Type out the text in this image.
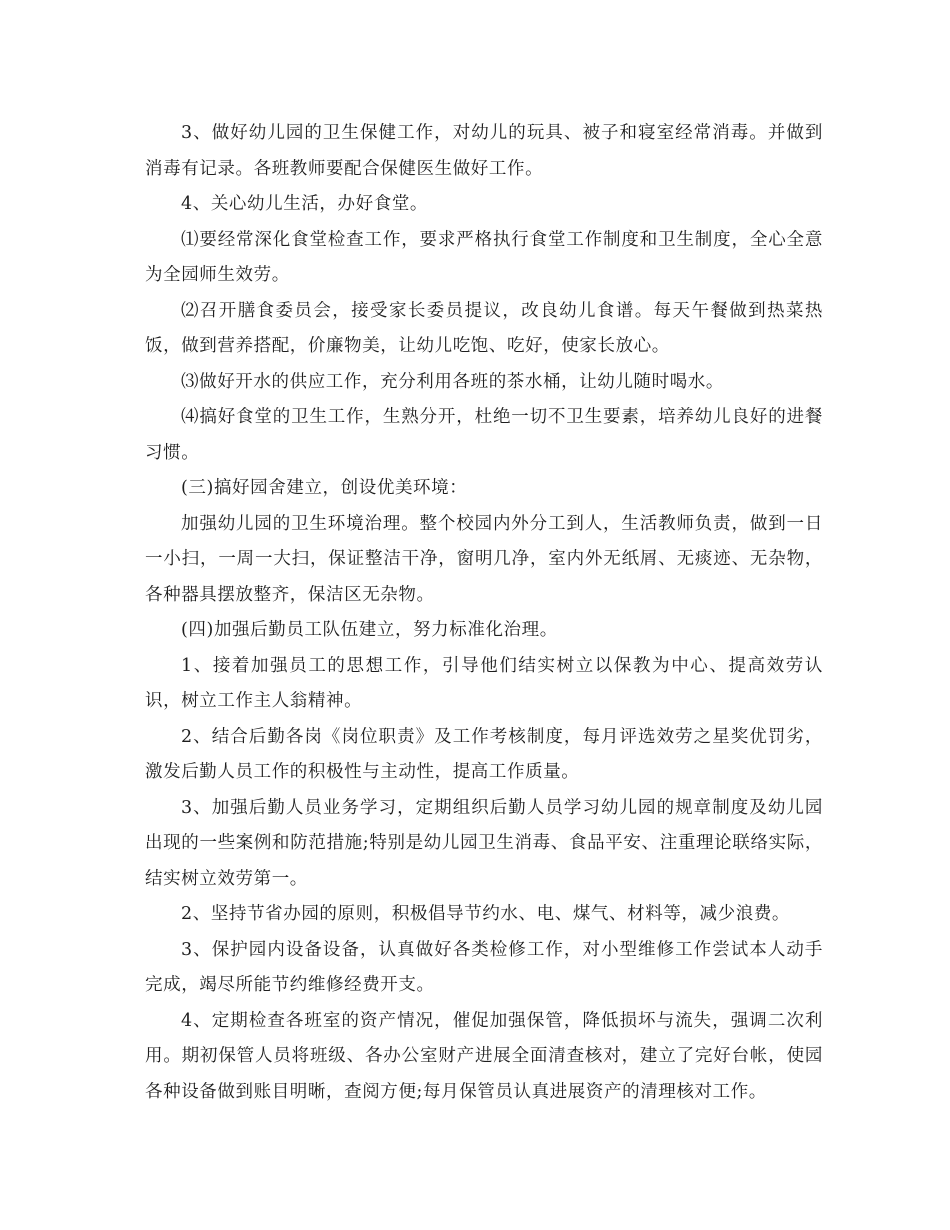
3、做好幼儿园的卫生保健工作，对幼儿的玩具、被子和寝室经常消毒。并做到消毒有记录。各班教师要配合保健医生做好工作。

4、关心幼儿生活，办好食堂。

⑴要经常深化食堂检查工作，要求严格执行食堂工作制度和卫生制度，全心全意为全园师生效劳。

⑵召开膳食委员会，接受家长委员提议，改良幼儿食谱。每天午餐做到热菜热饭，做到营养搭配，价廉物美，让幼儿吃饱、吃好，使家长放心。

⑶做好开水的供应工作，充分利用各班的茶水桶，让幼儿随时喝水。

⑷搞好食堂的卫生工作，生熟分开，杜绝一切不卫生要素，培养幼儿良好的进餐习惯。

(三)搞好园舍建立，创设优美环境：

加强幼儿园的卫生环境治理。整个校园内外分工到人，生活教师负责，做到一日一小扫，一周一大扫，保证整洁干净，窗明几净，室内外无纸屑、无痰迹、无杂物，各种器具摆放整齐，保洁区无杂物。

(四)加强后勤员工队伍建立，努力标准化治理。

1、接着加强员工的思想工作，引导他们结实树立以保教为中心、提高效劳认识，树立工作主人翁精神。

2、结合后勤各岗《岗位职责》及工作考核制度，每月评选效劳之星奖优罚劣，激发后勤人员工作的积极性与主动性，提高工作质量。

3、加强后勤人员业务学习，定期组织后勤人员学习幼儿园的规章制度及幼儿园出现的一些案例和防范措施;特别是幼儿园卫生消毒、食品平安、注重理论联络实际，结实树立效劳第一。

2、坚持节省办园的原则，积极倡导节约水、电、煤气、材料等，减少浪费。

3、保护园内设备设备，认真做好各类检修工作，对小型维修工作尝试本人动手完成，竭尽所能节约维修经费开支。

4、定期检查各班室的资产情况，催促加强保管，降低损坏与流失，强调二次利用。期初保管人员将班级、各办公室财产进展全面清查核对，建立了完好台帐，使园各种设备做到账目明晰，查阅方便;每月保管员认真进展资产的清理核对工作。
